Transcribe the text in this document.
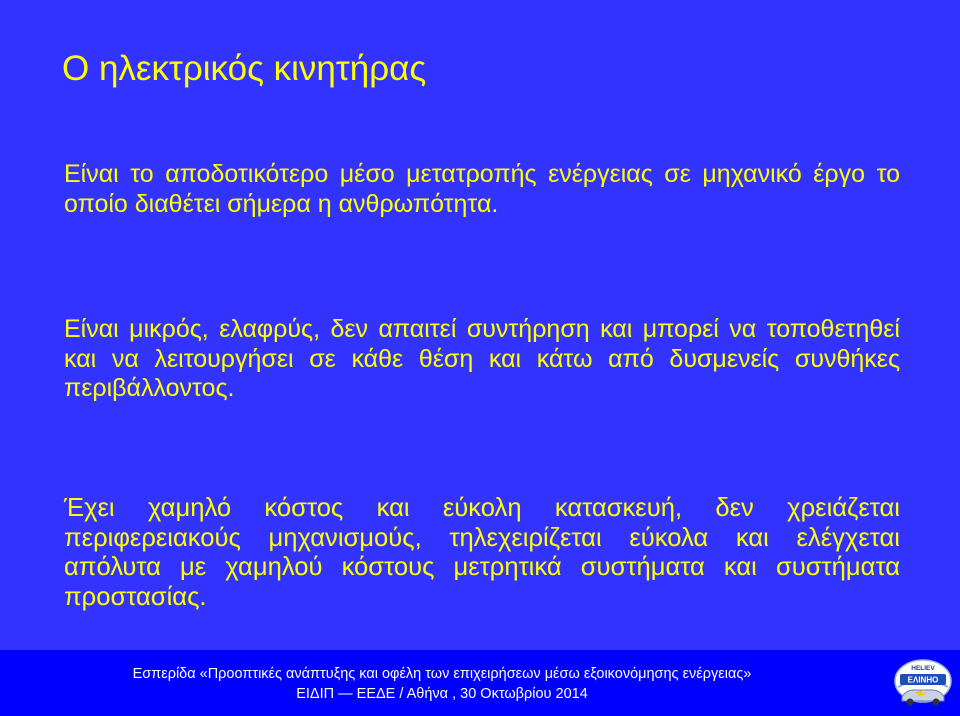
Ο ηλεκτρικός κινητήρας
Είναι το αποδοτικότερο μέσο μετατροπής ενέργειας σε μηχανικό έργο το οποίο διαθέτει σήμερα η ανθρωπότητα.
Είναι μικρός, ελαφρύς, δεν απαιτεί συντήρηση και μπορεί να τοποθετηθεί και να λειτουργήσει σε κάθε θέση και κάτω από δυσμενείς συνθήκες περιβάλλοντος.
Έχει χαμηλό κόστος και εύκολη κατασκευή, δεν χρειάζεται περιφερειακούς μηχανισμούς, τηλεχειρίζεται εύκολα και ελέγχεται απόλυτα με χαμηλού κόστους μετρητικά συστήματα και συστήματα προστασίας.
Εσπερίδα «Προοπτικές ανάπτυξης και οφέλη των επιχειρήσεων μέσω εξοικονόμησης ενέργειας»
ΕΙΔΙΠ — ΕΕΔΕ / Αθήνα , 30 Οκτωβρίου 2014
HELIEV
ΕΛΙΝΗΟ
